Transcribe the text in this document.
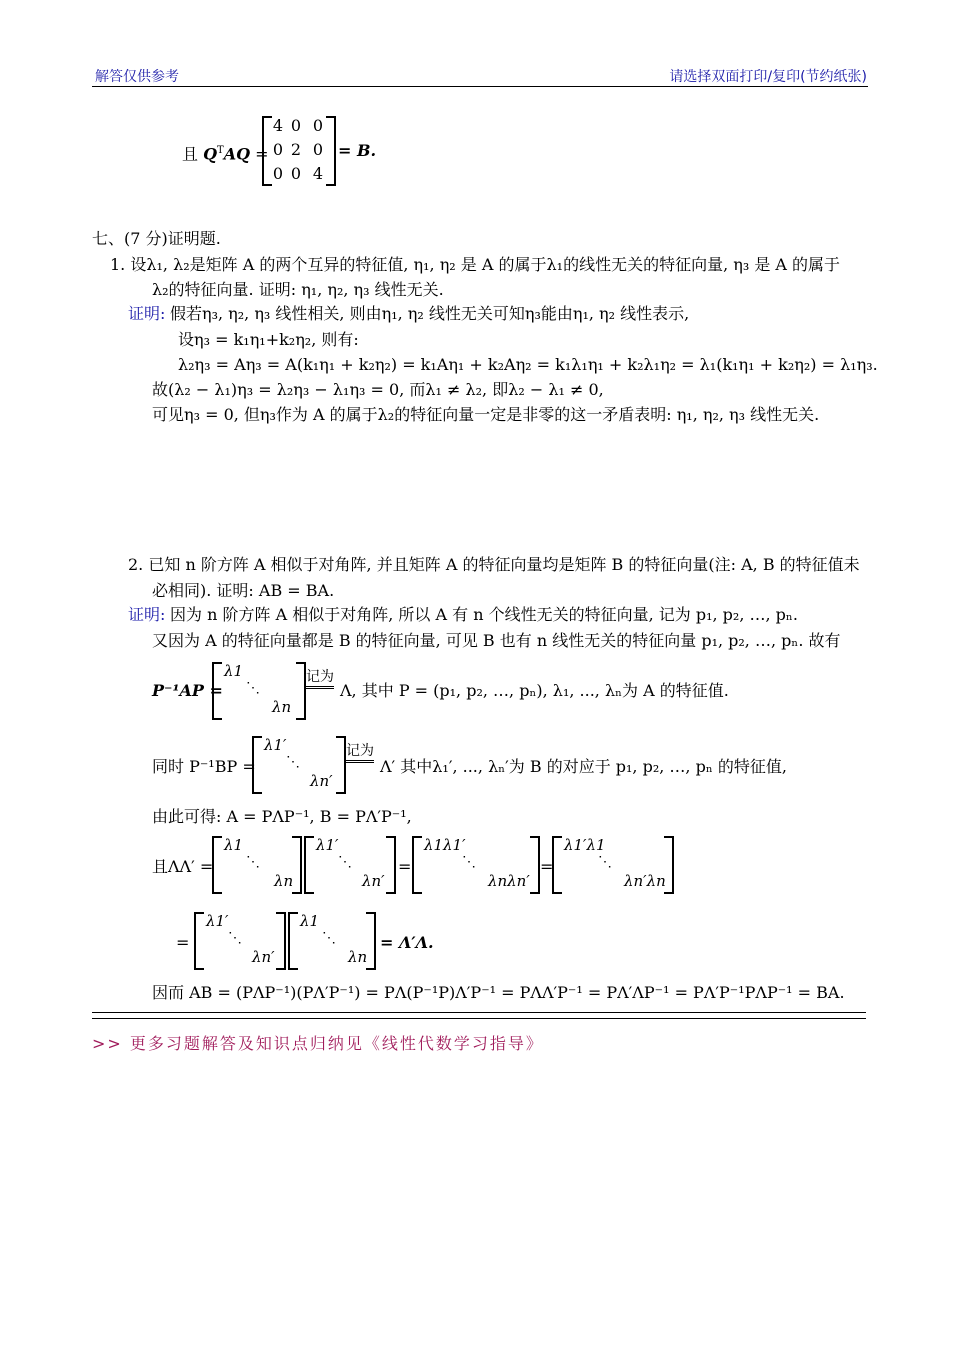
解答仅供参考	请选择双面打印/复印(节约纸张)
且 $Q^TAQ$ =
4 0 0
0 2 0
0 0 4
= B.
七、(7 分)证明题.
1. 设λ₁, λ₂是矩阵 A 的两个互异的特征值, η₁, η₂ 是 A 的属于λ₁的线性无关的特征向量, η₃ 是 A 的属于
λ₂的特征向量. 证明: η₁, η₂, η₃ 线性无关.
证明: 假若η₃, η₂, η₃ 线性相关, 则由η₁, η₂ 线性无关可知η₃能由η₁, η₂ 线性表示,
设η₃ = k₁η₁+k₂η₂, 则有:
λ₂η₃ = Aη₃ = A(k₁η₁ + k₂η₂) = k₁Aη₁ + k₂Aη₂ = k₁λ₁η₁ + k₂λ₁η₂ = λ₁(k₁η₁ + k₂η₂) = λ₁η₃.
故(λ₂ − λ₁)η₃ = λ₂η₃ − λ₁η₃ = 0, 而λ₁ ≠ λ₂, 即λ₂ − λ₁ ≠ 0,
可见η₃ = 0, 但η₃作为 A 的属于λ₂的特征向量一定是非零的这一矛盾表明: η₁, η₂, η₃ 线性无关.
2. 已知 n 阶方阵 A 相似于对角阵, 并且矩阵 A 的特征向量均是矩阵 B 的特征向量(注: A, B 的特征值未
必相同). 证明: AB = BA.
证明: 因为 n 阶方阵 A 相似于对角阵, 所以 A 有 n 个线性无关的特征向量, 记为 p₁, p₂, …, pₙ.
又因为 A 的特征向量都是 B 的特征向量, 可见 B 也有 n 线性无关的特征向量 p₁, p₂, …, pₙ. 故有
P⁻¹AP =
λ1
⋱
λn
记为
Λ, 其中 P = (p₁, p₂, …, pₙ), λ₁, ..., λₙ为 A 的特征值.
同时 P⁻¹BP =
λ1′
⋱
λn′
记为
Λ′ 其中λ₁′, ..., λₙ′为 B 的对应于 p₁, p₂, …, pₙ 的特征值,
由此可得: A = PΛP⁻¹, B = PΛ′P⁻¹,
且ΛΛ′ =
λ1
⋱
λn
λ1′
⋱
λn′
=
λ1λ1′
⋱
λnλn′
=
λ1′λ1
⋱
λn′λn
=
λ1′
⋱
λn′
λ1
⋱
λn
= Λ′Λ.
因而 AB = (PΛP⁻¹)(PΛ′P⁻¹) = PΛ(P⁻¹P)Λ′P⁻¹ = PΛΛ′P⁻¹ = PΛ′ΛP⁻¹ = PΛ′P⁻¹PΛP⁻¹ = BA.
>> 更多习题解答及知识点归纳见《线性代数学习指导》
